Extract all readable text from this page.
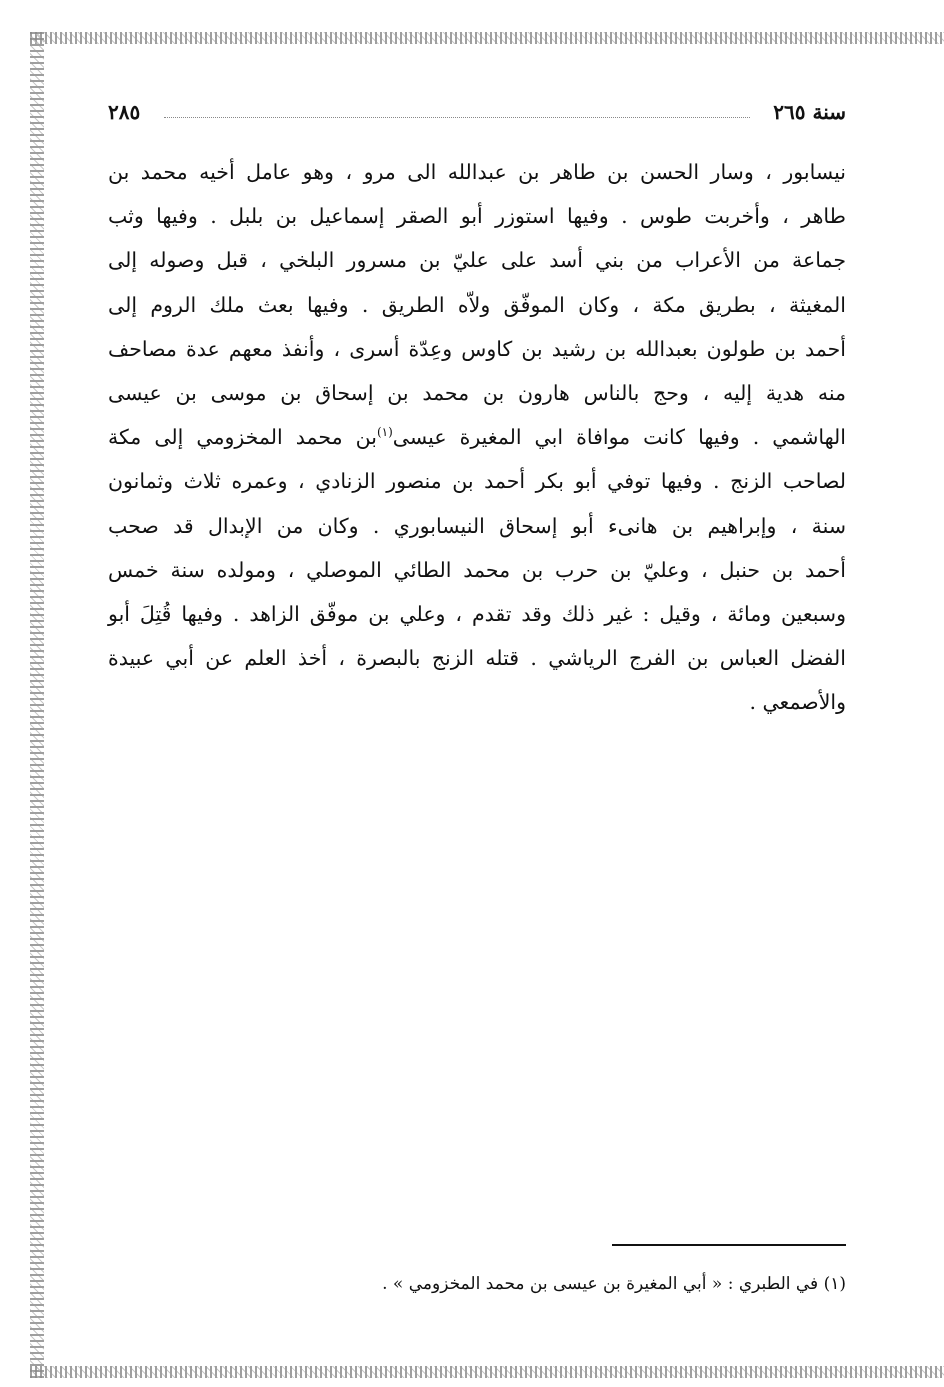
سنة ٢٦٥
٢٨٥
نيسابور ، وسار الحسن بن طاهر بن عبدالله الى مرو ، وهو عامل أخيه محمد بن
طاهر ، وأخربت طوس . وفيها استوزر أبو الصقر إسماعيل بن بلبل . وفيها وثب
جماعة من الأعراب من بني أسد على عليّ بن مسرور البلخي ، قبل وصوله إلى
المغيثة ، بطريق مكة ، وكان الموفّق ولاّه الطريق . وفيها بعث ملك الروم إلى
أحمد بن طولون بعبدالله بن رشيد بن كاوس وعِدّة أسرى ، وأنفذ معهم عدة مصاحف
منه هدية إليه ، وحج بالناس هارون بن محمد بن إسحاق بن موسى بن عيسى
الهاشمي . وفيها كانت موافاة ابي المغيرة عيسى$^{(١)}$بن محمد المخزومي إلى مكة
لصاحب الزنج . وفيها توفي أبو بكر أحمد بن منصور الزنادي ، وعمره ثلاث وثمانون
سنة ، وإبراهيم بن هانىء أبو إسحاق النيسابوري . وكان من الإبدال قد صحب
أحمد بن حنبل ، وعليّ بن حرب بن محمد الطائي الموصلي ، ومولده سنة خمس
وسبعين ومائة ، وقيل : غير ذلك وقد تقدم ، وعلي بن موفّق الزاهد . وفيها قُتِلَ أبو
الفضل العباس بن الفرج الرياشي . قتله الزنج بالبصرة ، أخذ العلم عن أبي عبيدة
والأصمعي .
(١) في الطبري : « أبي المغيرة بن عيسى بن محمد المخزومي » .
